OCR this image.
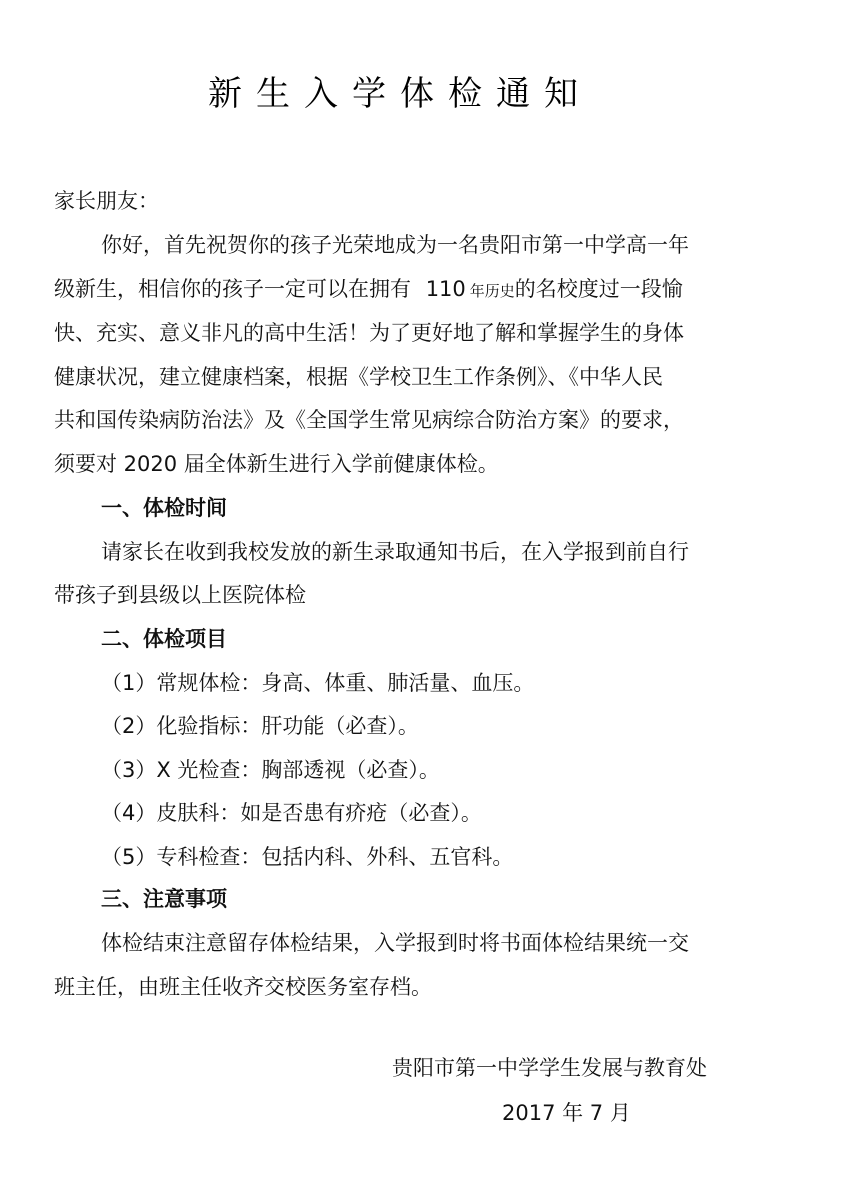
新生入学体检通知
家长朋友：
你好，首先祝贺你的孩子光荣地成为一名贵阳市第一中学高一年
级新生，相信你的孩子一定可以在拥有 110 年历史的名校度过一段愉
快、充实、意义非凡的高中生活！为了更好地了解和掌握学生的身体
健康状况，建立健康档案，根据《学校卫生工作条例》、《中华人民
共和国传染病防治法》及《全国学生常见病综合防治方案》的要求，
须要对 2020 届全体新生进行入学前健康体检。
一、体检时间
请家长在收到我校发放的新生录取通知书后，在入学报到前自行
带孩子到县级以上医院体检
二、体检项目
（1）常规体检：身高、体重、肺活量、血压。
（2）化验指标：肝功能（必查）。
（3）X 光检查：胸部透视（必查）。
（4）皮肤科：如是否患有疥疮（必查）。
（5）专科检查：包括内科、外科、五官科。
三、注意事项
体检结束注意留存体检结果，入学报到时将书面体检结果统一交
班主任，由班主任收齐交校医务室存档。
贵阳市第一中学学生发展与教育处
2017 年 7 月
